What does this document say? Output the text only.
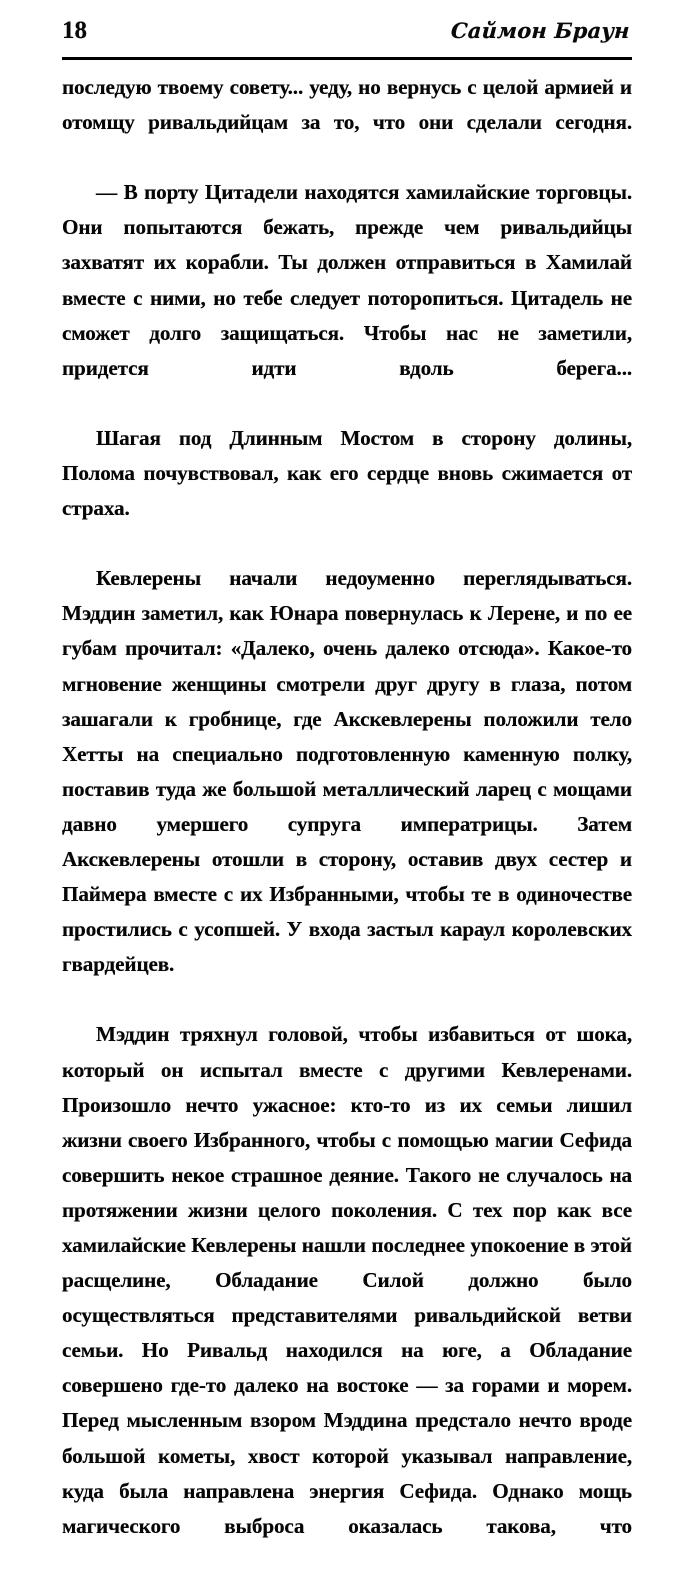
18	Саймон Браун

последую твоему совету... уеду, но вернусь с целой армией и отомщу ривальдийцам за то, что они сделали сегодня.

— В порту Цитадели находятся хамилайские торговцы. Они попытаются бежать, прежде чем ривальдийцы захватят их корабли. Ты должен отправиться в Хамилай вместе с ними, но тебе следует поторопиться. Цитадель не сможет долго защищаться. Чтобы нас не заметили, придется идти вдоль берега...

Шагая под Длинным Мостом в сторону долины, Полома почувствовал, как его сердце вновь сжимается от страха.

Кевлерены начали недоуменно переглядываться. Мэддин заметил, как Юнара повернулась к Лерене, и по ее губам прочитал: «Далеко, очень далеко отсюда». Какое-то мгновение женщины смотрели друг другу в глаза, потом зашагали к гробнице, где Акскевлерены положили тело Хетты на специально подготовленную каменную полку, поставив туда же большой металлический ларец с мощами давно умершего супруга императрицы. Затем Акскевлерены отошли в сторону, оставив двух сестер и Паймера вместе с их Избранными, чтобы те в одиночестве простились с усопшей. У входа застыл караул королевских гвардейцев.

Мэддин тряхнул головой, чтобы избавиться от шока, который он испытал вместе с другими Кевлеренами. Произошло нечто ужасное: кто-то из их семьи лишил жизни своего Избранного, чтобы с помощью магии Сефида совершить некое страшное деяние. Такого не случалось на протяжении жизни целого поколения. С тех пор как все хамилайские Кевлерены нашли последнее упокоение в этой расщелине, Обладание Силой должно было осуществляться представителями ривальдийской ветви семьи. Но Ривальд находился на юге, а Обладание совершено где-то далеко на востоке — за горами и морем. Перед мысленным взором Мэддина предстало нечто вроде большой кометы, хвост которой указывал направление, куда была направлена энергия Сефида. Однако мощь магического выброса оказалась такова, что
